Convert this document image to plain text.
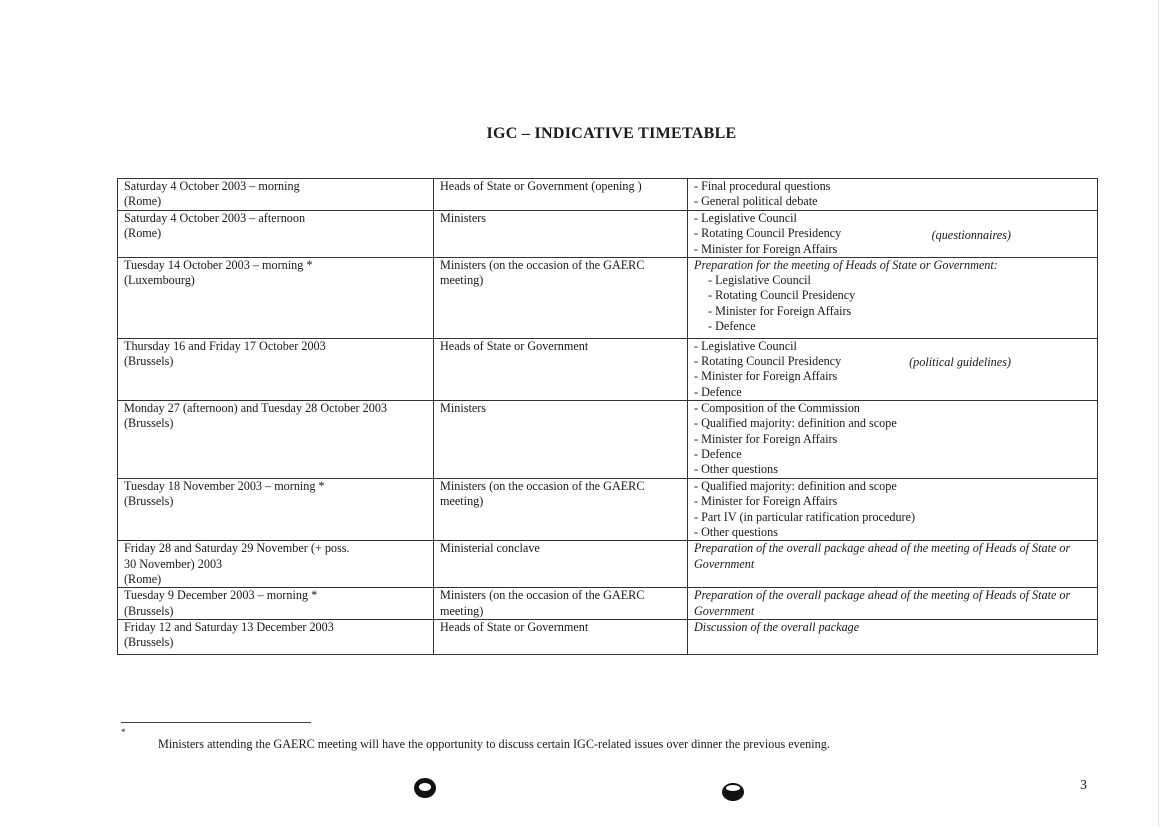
IGC – INDICATIVE TIMETABLE
Saturday 4 October 2003 – morning
(Rome)	Heads of State or Government (opening )	- Final procedural questions
- General political debate

Saturday 4 October 2003 – afternoon
(Rome)	Ministers	- Legislative Council
- Rotating Council Presidency
- Minister for Foreign Affairs
(questionnaires)

Tuesday 14 October 2003 – morning *
(Luxembourg)	Ministers (on the occasion of the GAERC meeting)	Preparation for the meeting of Heads of State or Government:
- Legislative Council
- Rotating Council Presidency
- Minister for Foreign Affairs
- Defence

Thursday 16 and Friday 17 October 2003
(Brussels)	Heads of State or Government	- Legislative Council
- Rotating Council Presidency
- Minister for Foreign Affairs
- Defence
(political guidelines)

Monday 27 (afternoon) and Tuesday 28 October 2003
(Brussels)	Ministers	- Composition of the Commission
- Qualified majority: definition and scope
- Minister for Foreign Affairs
- Defence
- Other questions

Tuesday 18 November 2003 – morning *
(Brussels)	Ministers (on the occasion of the GAERC meeting)	- Qualified majority: definition and scope
- Minister for Foreign Affairs
- Part IV (in particular ratification procedure)
- Other questions

Friday 28 and Saturday 29 November (+ poss.
30 November) 2003
(Rome)	Ministerial conclave	Preparation of the overall package ahead of the meeting of Heads of State or Government

Tuesday 9 December 2003 – morning *
(Brussels)	Ministers (on the occasion of the GAERC meeting)	Preparation of the overall package ahead of the meeting of Heads of State or Government

Friday 12 and Saturday 13 December 2003
(Brussels)	Heads of State or Government	Discussion of the overall package
*
Ministers attending the GAERC meeting will have the opportunity to discuss certain IGC-related issues over dinner the previous evening.
3
